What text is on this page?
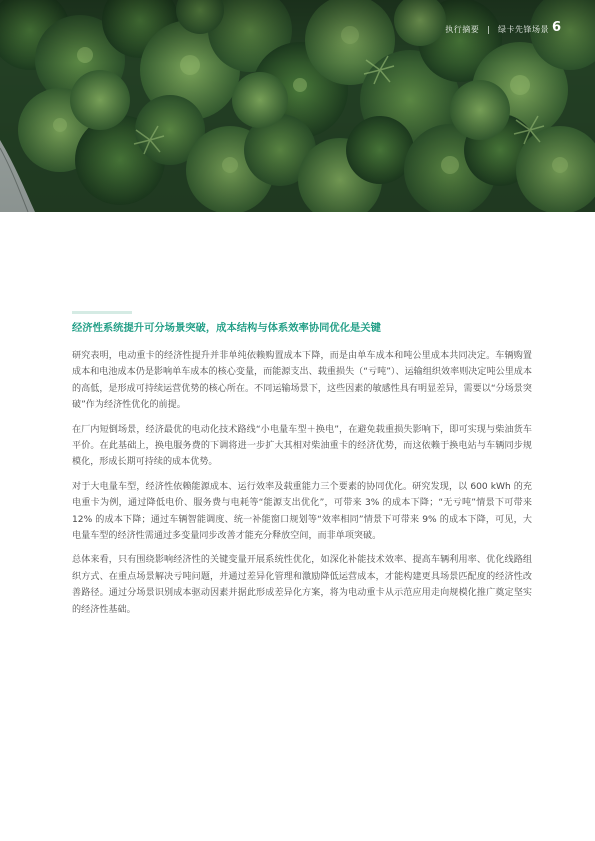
执行摘要 | 绿卡先锋场景 6
经济性系统提升可分场景突破，成本结构与体系效率协同优化是关键

研究表明，电动重卡的经济性提升并非单纯依赖购置成本下降，而是由单车成本和吨公里成本共同决定。车辆购置成本和电池成本仍是影响单车成本的核心变量，而能源支出、载重损失（“亏吨”）、运输组织效率则决定吨公里成本的高低，是形成可持续运营优势的核心所在。不同运输场景下，这些因素的敏感性具有明显差异，需要以“分场景突破”作为经济性优化的前提。

在厂内短倒场景，经济最优的电动化技术路线“小电量车型＋换电”，在避免载重损失影响下，即可实现与柴油货车平价。在此基础上，换电服务费的下调将进一步扩大其相对柴油重卡的经济优势，而这依赖于换电站与车辆同步规模化，形成长期可持续的成本优势。

对于大电量车型，经济性依赖能源成本、运行效率及载重能力三个要素的协同优化。研究发现，以 600 kWh 的充电重卡为例，通过降低电价、服务费与电耗等“能源支出优化”，可带来 3% 的成本下降；“无亏吨”情景下可带来 12% 的成本下降；通过车辆智能调度、统一补能窗口规划等“效率相同”情景下可带来 9% 的成本下降，可见，大电量车型的经济性需通过多变量同步改善才能充分释放空间，而非单项突破。

总体来看，只有围绕影响经济性的关键变量开展系统性优化，如深化补能技术效率、提高车辆利用率、优化线路组织方式、在重点场景解决亏吨问题，并通过差异化管理和激励降低运营成本，才能构建更具场景匹配度的经济性改善路径。通过分场景识别成本驱动因素并据此形成差异化方案，将为电动重卡从示范应用走向规模化推广奠定坚实的经济性基础。
